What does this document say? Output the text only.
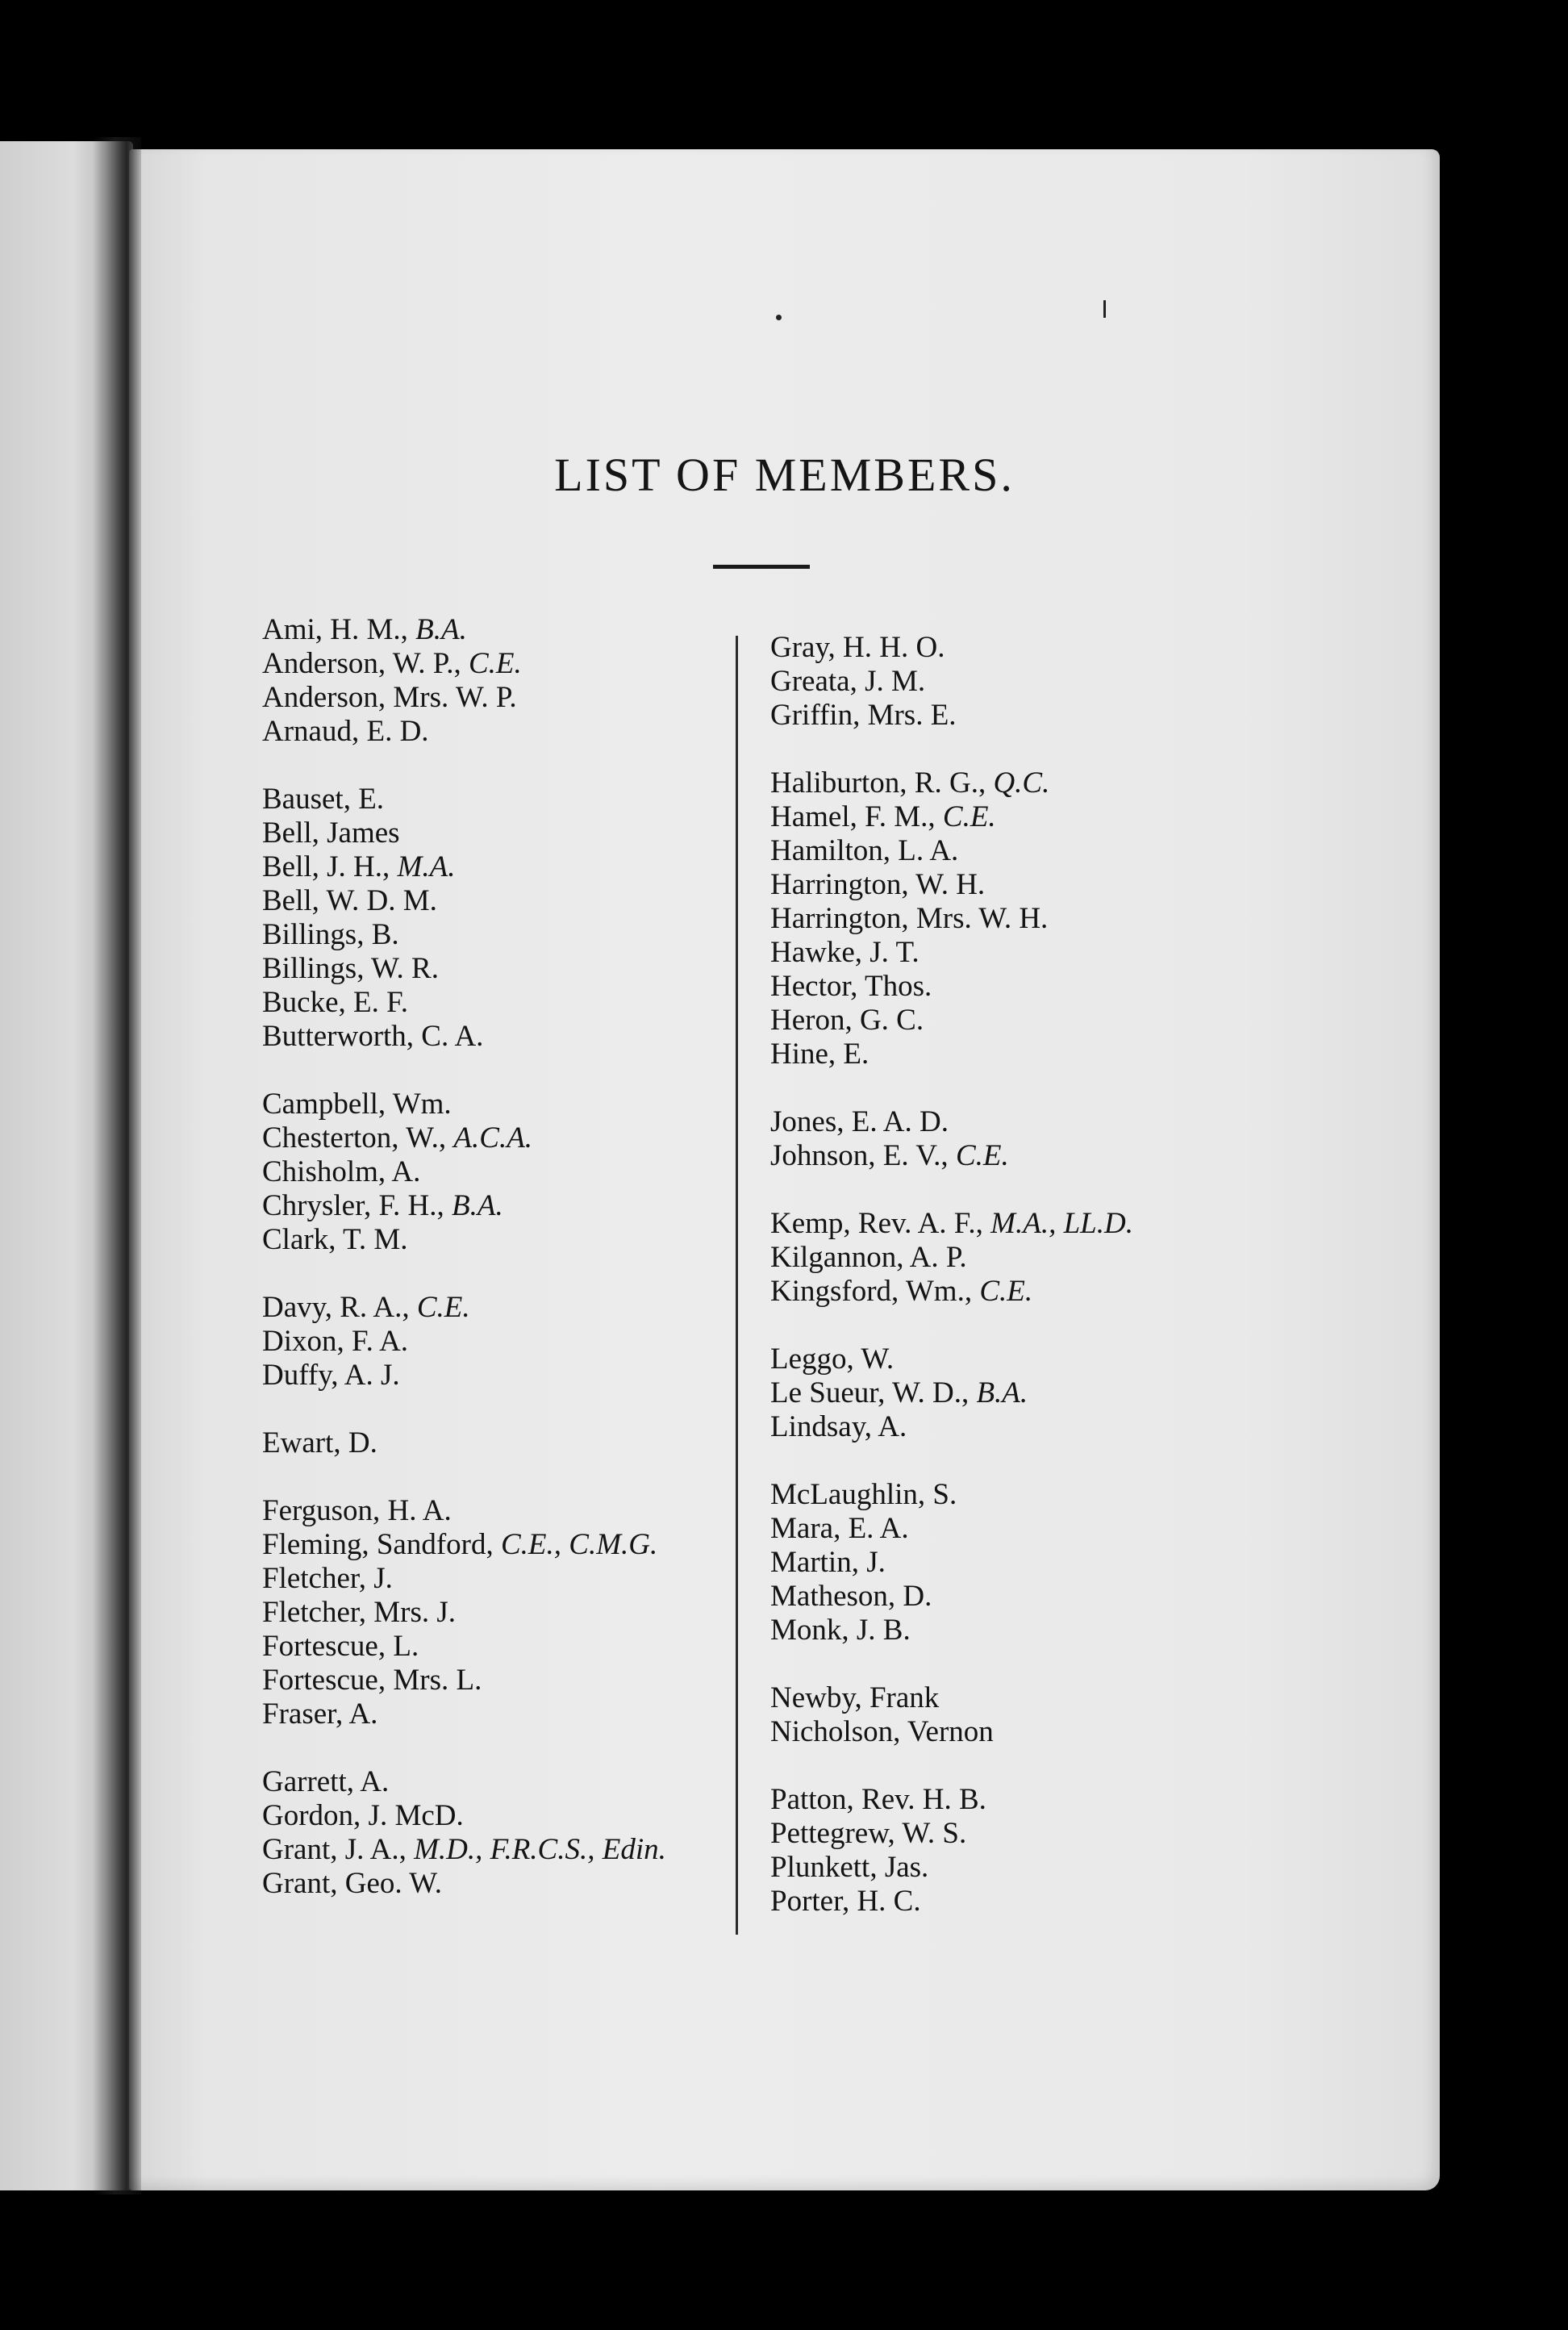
LIST OF MEMBERS.
Ami, H. M., B.A.
Anderson, W. P., C.E.
Anderson, Mrs. W. P.
Arnaud, E. D.
Bauset, E.
Bell, James
Bell, J. H., M.A.
Bell, W. D. M.
Billings, B.
Billings, W. R.
Bucke, E. F.
Butterworth, C. A.
Campbell, Wm.
Chesterton, W., A.C.A.
Chisholm, A.
Chrysler, F. H., B.A.
Clark, T. M.
Davy, R. A., C.E.
Dixon, F. A.
Duffy, A. J.
Ewart, D.
Ferguson, H. A.
Fleming, Sandford, C.E., C.M.G.
Fletcher, J.
Fletcher, Mrs. J.
Fortescue, L.
Fortescue, Mrs. L.
Fraser, A.
Garrett, A.
Gordon, J. McD.
Grant, J. A., M.D., F.R.C.S., Edin.
Grant, Geo. W.
Gray, H. H. O.
Greata, J. M.
Griffin, Mrs. E.
Haliburton, R. G., Q.C.
Hamel, F. M., C.E.
Hamilton, L. A.
Harrington, W. H.
Harrington, Mrs. W. H.
Hawke, J. T.
Hector, Thos.
Heron, G. C.
Hine, E.
Jones, E. A. D.
Johnson, E. V., C.E.
Kemp, Rev. A. F., M.A., LL.D.
Kilgannon, A. P.
Kingsford, Wm., C.E.
Leggo, W.
Le Sueur, W. D., B.A.
Lindsay, A.
McLaughlin, S.
Mara, E. A.
Martin, J.
Matheson, D.
Monk, J. B.
Newby, Frank
Nicholson, Vernon
Patton, Rev. H. B.
Pettegrew, W. S.
Plunkett, Jas.
Porter, H. C.
